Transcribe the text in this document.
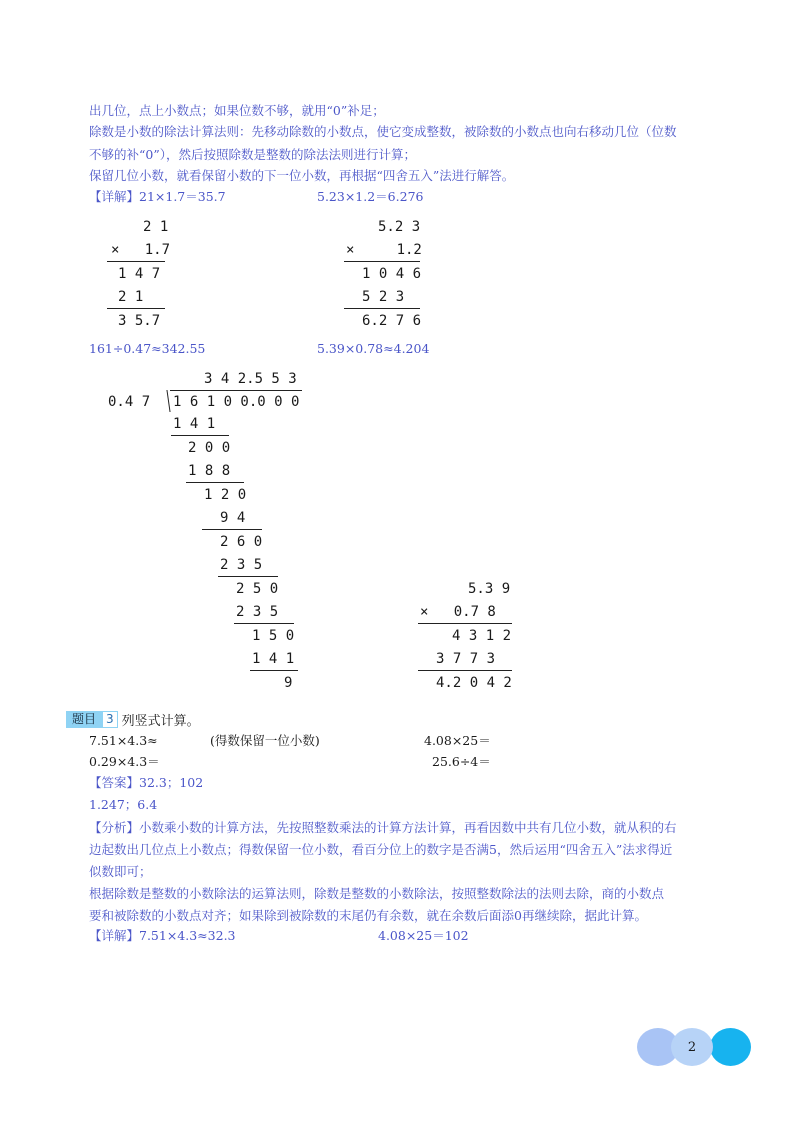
出几位，点上小数点；如果位数不够，就用“0”补足；
除数是小数的除法计算法则：先移动除数的小数点，使它变成整数，被除数的小数点也向右移动几位（位数
不够的补“0”），然后按照除数是整数的除法法则进行计算；
保留几位小数，就看保留小数的下一位小数，再根据“四舍五入”法进行解答。
【详解】21×1.7＝35.7	5.23×1.2＝6.276
2 1
×   1.7
1 4 7
2 1
3 5.7
5.2 3
×     1.2
1 0 4 6
5 2 3
6.2 7 6
161÷0.47≈342.55	5.39×0.78≈4.204
3 4 2.5 5 3
0.4 7 1 6 1 0 0.0 0 0
1 4 1
2 0 0
1 8 8
1 2 0
9 4
2 6 0
2 3 5
2 5 0
2 3 5
1 5 0
1 4 1
9
5.3 9
×   0.7 8
4 3 1 2
3 7 7 3
4.2 0 4 2
题目 3 列竖式计算。
7.51×4.3≈	(得数保留一位小数)	4.08×25＝
0.29×4.3＝	25.6÷4＝
【答案】32.3；102
1.247；6.4
【分析】小数乘小数的计算方法，先按照整数乘法的计算方法计算，再看因数中共有几位小数，就从积的右
边起数出几位点上小数点；得数保留一位小数，看百分位上的数字是否满5，然后运用“四舍五入”法求得近
似数即可；
根据除数是整数的小数除法的运算法则，除数是整数的小数除法，按照整数除法的法则去除，商的小数点
要和被除数的小数点对齐；如果除到被除数的末尾仍有余数，就在余数后面添0再继续除，据此计算。
【详解】7.51×4.3≈32.3	4.08×25＝102
2
